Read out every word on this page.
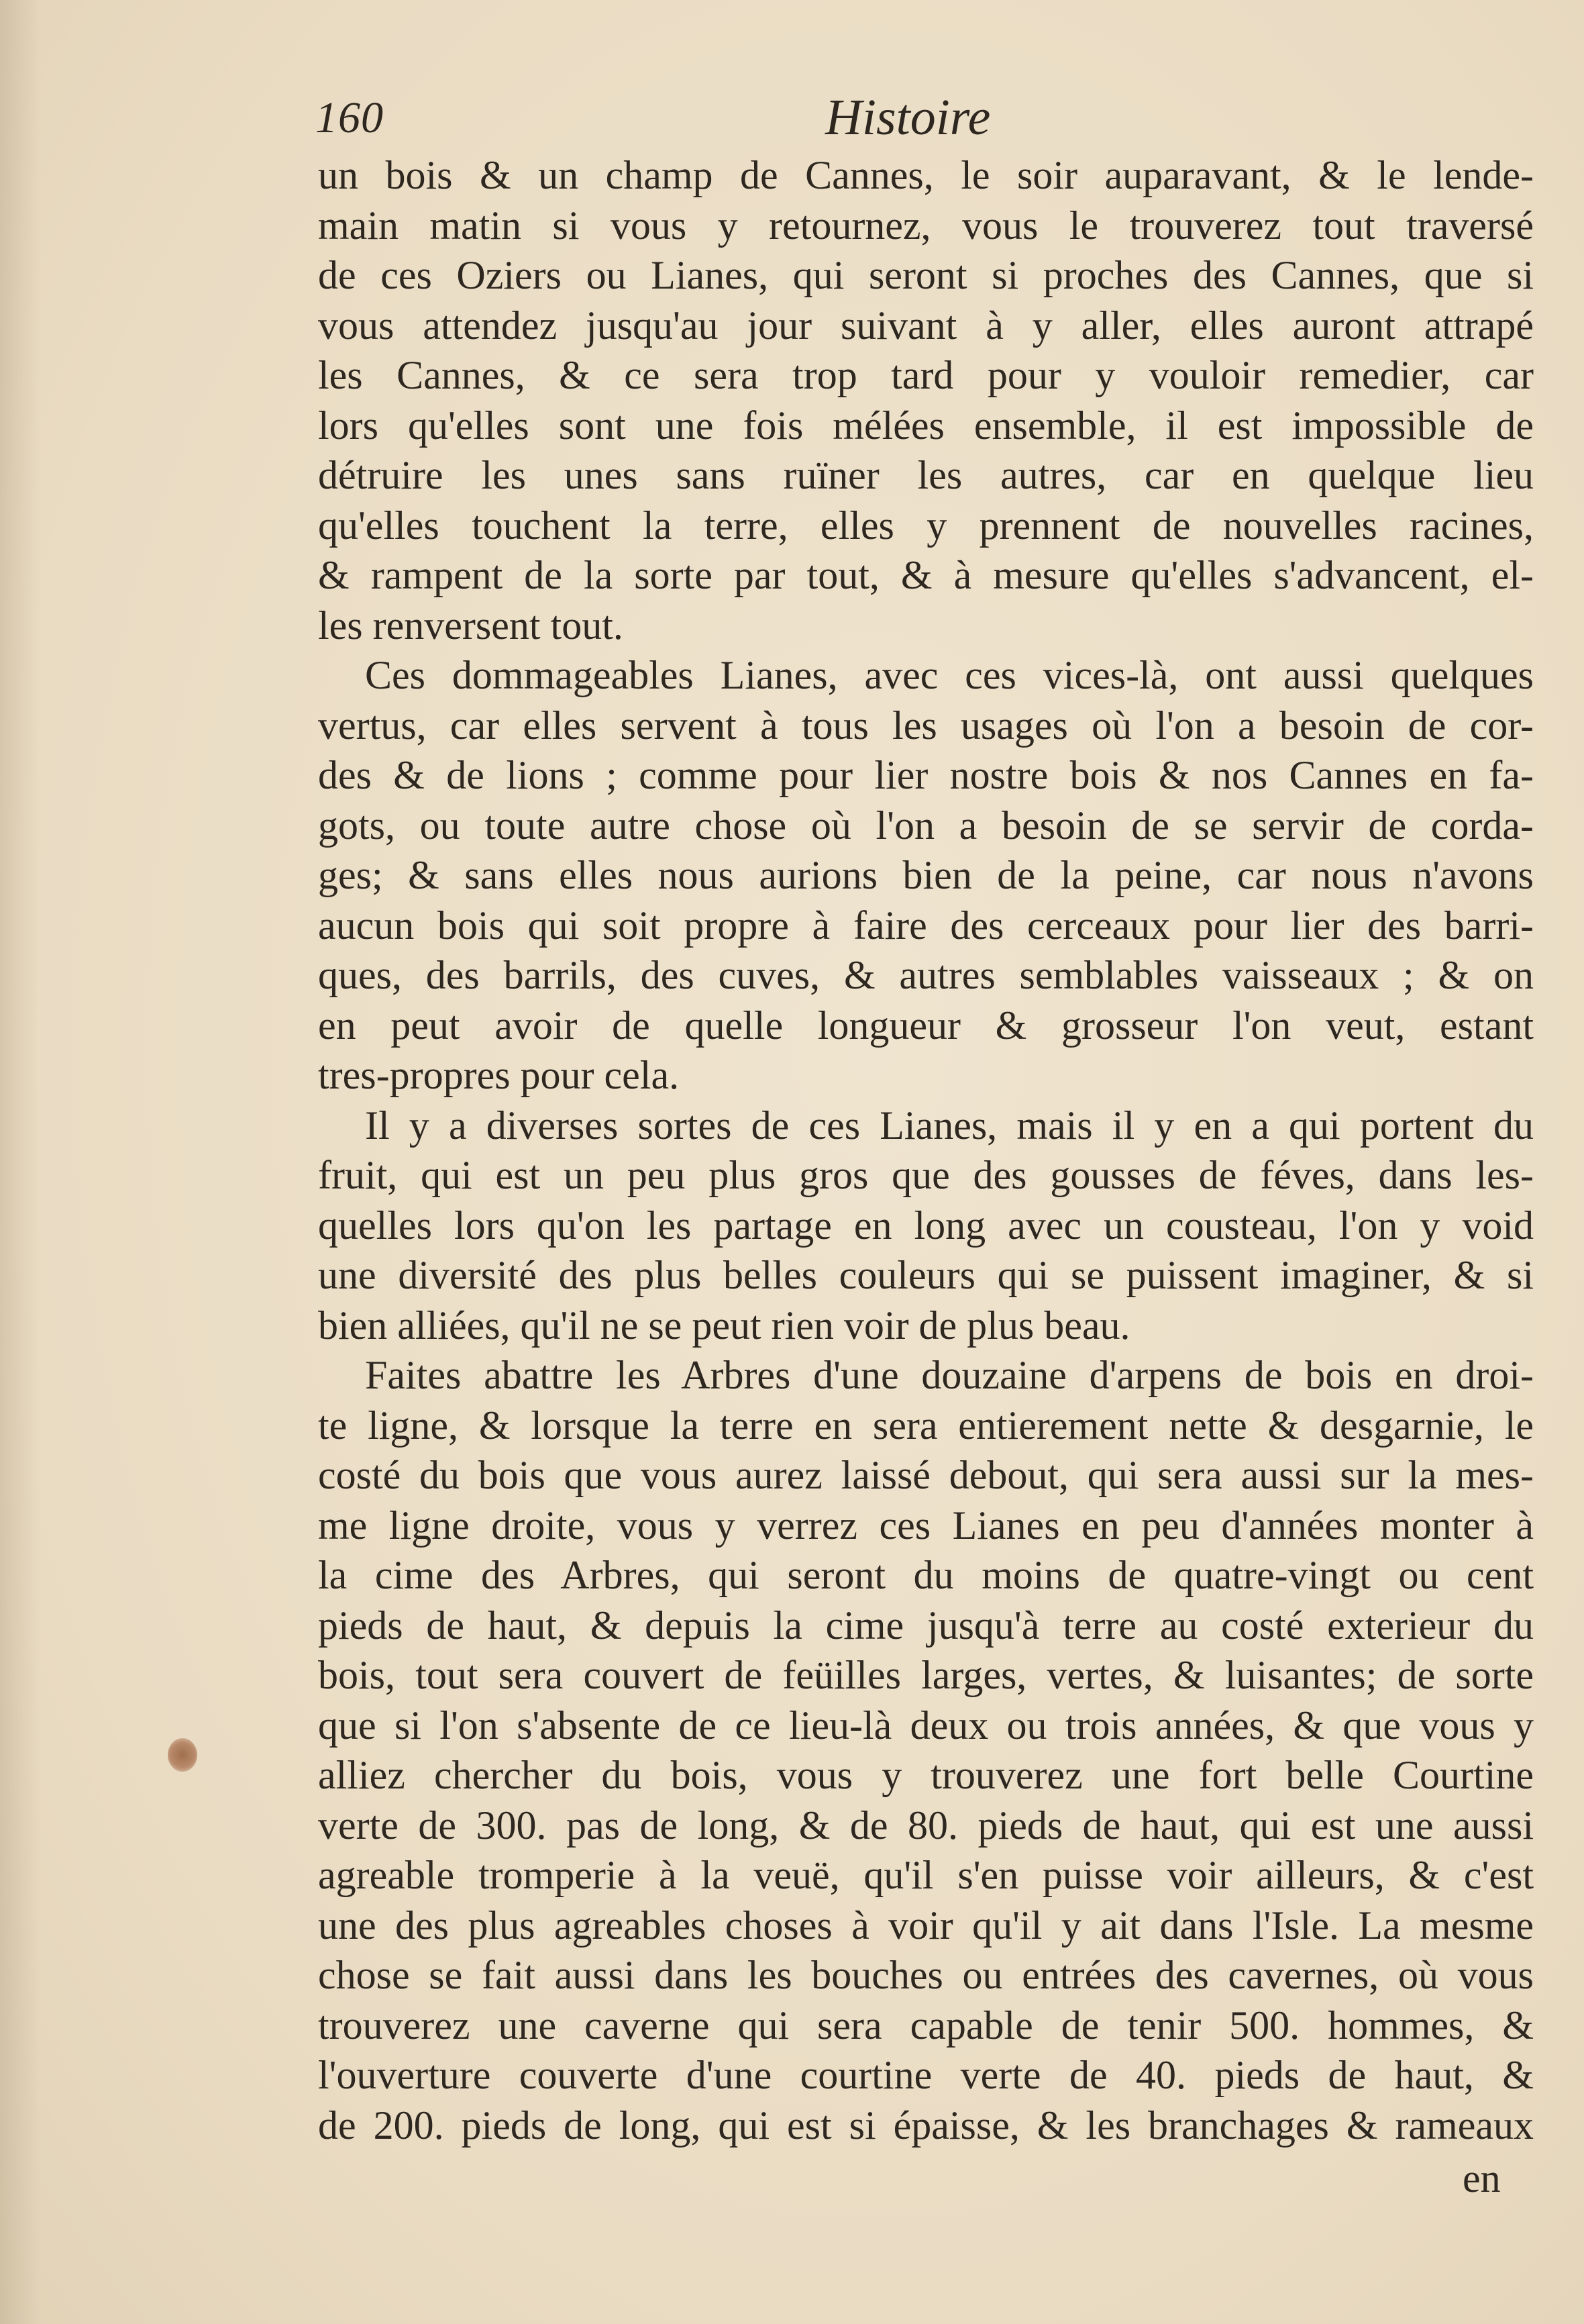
160	Histoire
un bois & un champ de Cannes, le soir auparavant, & le lende-
main matin si vous y retournez, vous le trouverez tout traversé
de ces Oziers ou Lianes, qui seront si proches des Cannes, que si
vous attendez jusqu'au jour suivant à y aller, elles auront attrapé
les Cannes, & ce sera trop tard pour y vouloir remedier, car
lors qu'elles sont une fois mélées ensemble, il est impossible de
détruire les unes sans ruïner les autres, car en quelque lieu
qu'elles touchent la terre, elles y prennent de nouvelles racines,
& rampent de la sorte par tout, & à mesure qu'elles s'advancent, el-
les renversent tout.
Ces dommageables Lianes, avec ces vices-là, ont aussi quelques
vertus, car elles servent à tous les usages où l'on a besoin de cor-
des & de lions ; comme pour lier nostre bois & nos Cannes en fa-
gots, ou toute autre chose où l'on a besoin de se servir de corda-
ges; & sans elles nous aurions bien de la peine, car nous n'avons
aucun bois qui soit propre à faire des cerceaux pour lier des barri-
ques, des barrils, des cuves, & autres semblables vaisseaux ; & on
en peut avoir de quelle longueur & grosseur l'on veut, estant
tres-propres pour cela.
Il y a diverses sortes de ces Lianes, mais il y en a qui portent du
fruit, qui est un peu plus gros que des gousses de féves, dans les-
quelles lors qu'on les partage en long avec un cousteau, l'on y void
une diversité des plus belles couleurs qui se puissent imaginer, & si
bien alliées, qu'il ne se peut rien voir de plus beau.
Faites abattre les Arbres d'une douzaine d'arpens de bois en droi-
te ligne, & lorsque la terre en sera entierement nette & desgarnie, le
costé du bois que vous aurez laissé debout, qui sera aussi sur la mes-
me ligne droite, vous y verrez ces Lianes en peu d'années monter à
la cime des Arbres, qui seront du moins de quatre-vingt ou cent
pieds de haut, & depuis la cime jusqu'à terre au costé exterieur du
bois, tout sera couvert de feüilles larges, vertes, & luisantes; de sorte
que si l'on s'absente de ce lieu-là deux ou trois années, & que vous y
alliez chercher du bois, vous y trouverez une fort belle Courtine
verte de 300. pas de long, & de 80. pieds de haut, qui est une aussi
agreable tromperie à la veuë, qu'il s'en puisse voir ailleurs, & c'est
une des plus agreables choses à voir qu'il y ait dans l'Isle. La mesme
chose se fait aussi dans les bouches ou entrées des cavernes, où vous
trouverez une caverne qui sera capable de tenir 500. hommes, &
l'ouverture couverte d'une courtine verte de 40. pieds de haut, &
de 200. pieds de long, qui est si épaisse, & les branchages & rameaux
en
